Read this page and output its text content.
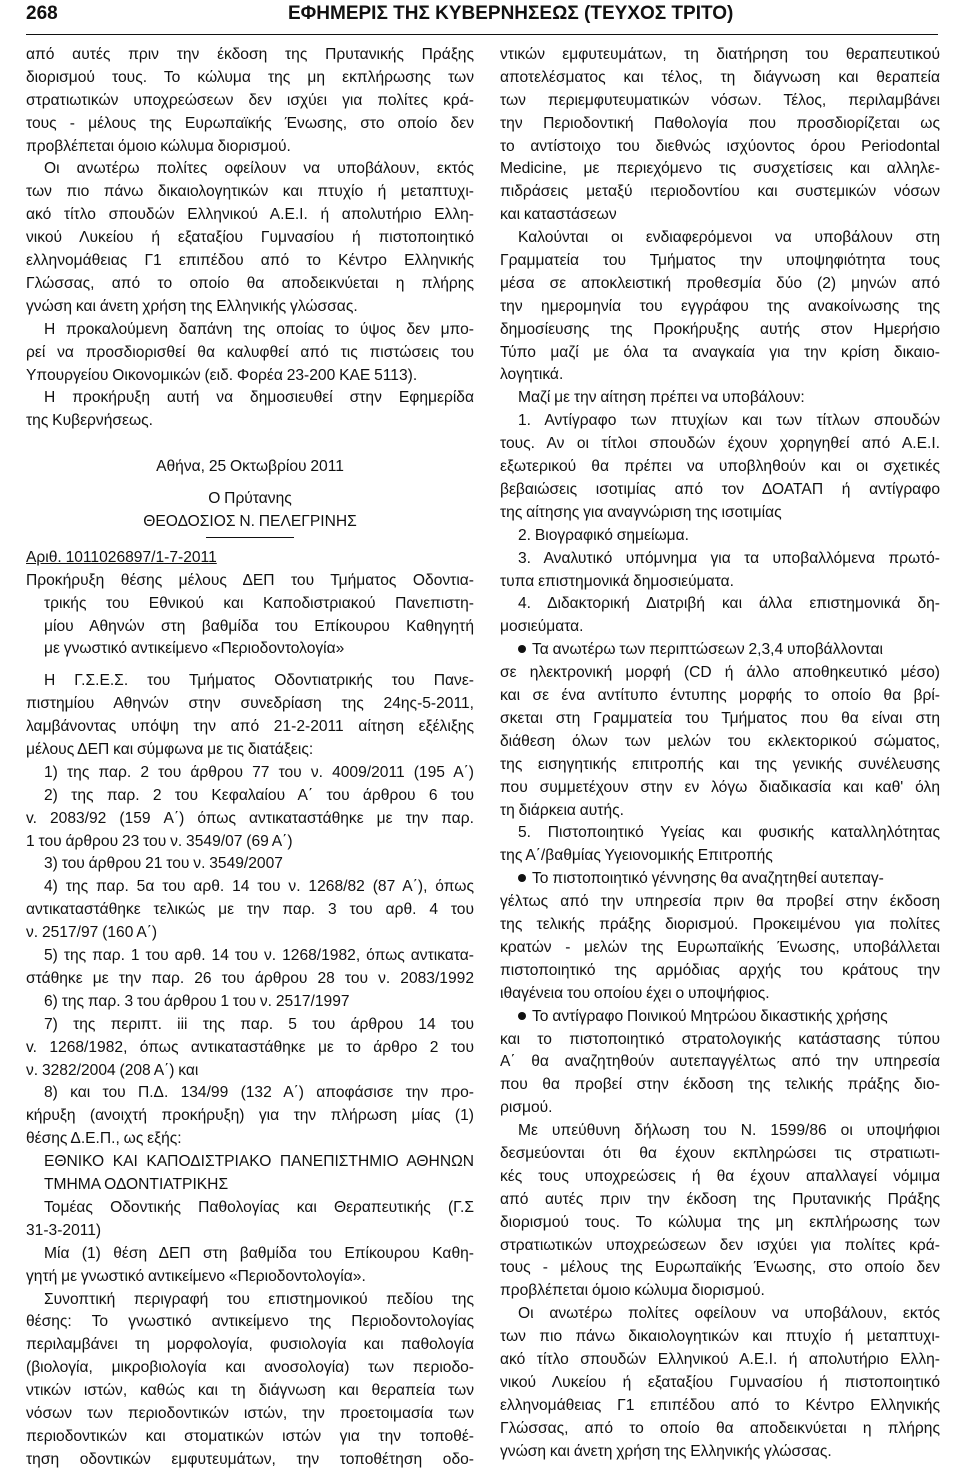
268	ΕΦΗΜΕΡΙΣ ΤΗΣ ΚΥΒΕΡΝΗΣΕΩΣ (ΤΕΥΧΟΣ ΤΡΙΤΟ)
από αυτές πριν την έκδοση της Πρυτανικής Πράξης
διορισμού τους. Το κώλυμα της μη εκπλήρωσης των
στρατιωτικών υποχρεώσεων δεν ισχύει για πολίτες κρά-
τους - μέλους της Ευρωπαϊκής Ένωσης, στο οποίο δεν
προβλέπεται όμοιο κώλυμα διορισμού.
Οι ανωτέρω πολίτες οφείλουν να υποβάλουν, εκτός
των πιο πάνω δικαιολογητικών και πτυχίο ή μεταπτυχι-
ακό τίτλο σπουδών Ελληνικού Α.Ε.Ι. ή απολυτήριο Ελλη-
νικού Λυκείου ή εξαταξίου Γυμνασίου ή πιστοποιητικό
ελληνομάθειας Γ1 επιπέδου από το Κέντρο Ελληνικής
Γλώσσας, από το οποίο θα αποδεικνύεται η πλήρης
γνώση και άνετη χρήση της Ελληνικής γλώσσας.
Η προκαλούμενη δαπάνη της οποίας το ύψος δεν μπο-
ρεί να προσδιορισθεί θα καλυφθεί από τις πιστώσεις του
Υπουργείου Οικονομικών (ειδ. Φορέα 23-200 ΚΑΕ 5113).
Η προκήρυξη αυτή να δημοσιευθεί στην Εφημερίδα
της Κυβερνήσεως.
Αθήνα, 25 Οκτωβρίου 2011
Ο Πρύτανης
ΘΕΟΔΟΣΙΟΣ Ν. ΠΕΛΕΓΡΙΝΗΣ
Αριθ. 1011026897/1-7-2011
Προκήρυξη θέσης μέλους ΔΕΠ του Τμήματος Οδοντια-
τρικής του Εθνικού και Καποδιστριακού Πανεπιστη-
μίου Αθηνών στη βαθμίδα του Επίκουρου Καθηγητή
με γνωστικό αντικείμενο «Περιοδοντολογία»
Η Γ.Σ.Ε.Σ. του Τμήματος Οδοντιατρικής του Πανε-
πιστημίου Αθηνών στην συνεδρίαση της 24ης-5-2011,
λαμβάνοντας υπόψη την από 21-2-2011 αίτηση εξέλιξης
μέλους ΔΕΠ και σύμφωνα με τις διατάξεις:
1) της παρ. 2 του άρθρου 77 του ν. 4009/2011 (195 Α΄)
2) της παρ. 2 του Κεφαλαίου Α΄ του άρθρου 6 του
v. 2083/92 (159 Α΄) όπως αντικαταστάθηκε με την παρ.
1 του άρθρου 23 του ν. 3549/07 (69 Α΄)
3) του άρθρου 21 του ν. 3549/2007
4) της παρ. 5α του αρθ. 14 του ν. 1268/82 (87 Α΄), όπως
αντικαταστάθηκε τελικώς με την παρ. 3 του αρθ. 4 του
ν. 2517/97 (160 Α΄)
5) της παρ. 1 του αρθ. 14 του ν. 1268/1982, όπως αντικατα-
στάθηκε με την παρ. 26 του άρθρου 28 του ν. 2083/1992
6) της παρ. 3 του άρθρου 1 του ν. 2517/1997
7) της περιπτ. iii της παρ. 5 του άρθρου 14 του
v. 1268/1982, όπως αντικαταστάθηκε με το άρθρο 2 του
ν. 3282/2004 (208 Α΄) και
8) και του Π.Δ. 134/99 (132 Α΄) αποφάσισε την προ-
κήρυξη (ανοιχτή προκήρυξη) για την πλήρωση μίας (1)
θέσης Δ.Ε.Π., ως εξής:
ΕΘΝΙΚΟ ΚΑΙ ΚΑΠΟΔΙΣΤΡΙΑΚΟ ΠΑΝΕΠΙΣΤΗΜΙΟ ΑΘΗΝΩΝ
ΤΜΗΜΑ ΟΔΟΝΤΙΑΤΡΙΚΗΣ
Τομέας Οδοντικής Παθολογίας και Θεραπευτικής (Γ.Σ
31-3-2011)
Μία (1) θέση ΔΕΠ στη βαθμίδα του Επίκουρου Καθη-
γητή με γνωστικό αντικείμενο «Περιοδοντολογία».
Συνοπτική περιγραφή του επιστημονικού πεδίου της
θέσης: Το γνωστικό αντικείμενο της Περιοδοντολογίας
περιλαμβάνει τη μορφολογία, φυσιολογία και παθολογία
(βιολογία, μικροβιολογία και ανοσολογία) των περιοδο-
ντικών ιστών, καθώς και τη διάγνωση και θεραπεία των
νόσων των περιοδοντικών ιστών, την προετοιμασία των
περιοδοντικών και στοματικών ιστών για την τοποθέ-
τηση οδοντικών εμφυτευμάτων, την τοποθέτηση οδο-
ντικών εμφυτευμάτων, τη διατήρηση του θεραπευτικού
αποτελέσματος και τέλος, τη διάγνωση και θεραπεία
των περιεμφυτευματικών νόσων. Τέλος, περιλαμβάνει
την Περιοδοντική Παθολογία που προσδιορίζεται ως
το αντίστοιχο του διεθνώς ισχύοντος όρου Periodontal
Medicine, με περιεχόμενο τις συσχετίσεις και αλληλε-
πιδράσεις μεταξύ ιτεριοδοντίου και συστεμικών νόσων
και καταστάσεων
Καλούνται οι ενδιαφερόμενοι να υποβάλουν στη
Γραμματεία του Τμήματος την υποψηφιότητα τους
μέσα σε αποκλειστική προθεσμία δύο (2) μηνών από
την ημερομηνία του εγγράφου της ανακοίνωσης της
δημοσίευσης της Προκήρυξης αυτής στον Ημερήσιο
Τύπο μαζί με όλα τα αναγκαία για την κρίση δικαιο-
λογητικά.
Μαζί με την αίτηση πρέπει να υποβάλουν:
1. Αντίγραφο των πτυχίων και των τίτλων σπουδών
τους. Αν οι τίτλοι σπουδών έχουν χορηγηθεί από Α.Ε.Ι.
εξωτερικού θα πρέπει να υποβληθούν και οι σχετικές
βεβαιώσεις ισοτιμίας από τον ΔΟΑΤΑΠ ή αντίγραφο
της αίτησης για αναγνώριση της ισοτιμίας
2. Βιογραφικό σημείωμα.
3. Αναλυτικό υπόμνημα για τα υποβαλλόμενα πρωτό-
τυπα επιστημονικά δημοσιεύματα.
4. Διδακτορική Διατριβή και άλλα επιστημονικά δη-
μοσιεύματα.
Τα ανωτέρω των περιπτώσεων 2,3,4 υποβάλλονται
σε ηλεκτρονική μορφή (CD ή άλλο αποθηκευτικό μέσο)
και σε ένα αντίτυπο έντυπης μορφής το οποίο θα βρί-
σκεται στη Γραμματεία του Τμήματος που θα είναι στη
διάθεση όλων των μελών του εκλεκτορικού σώματος,
της εισηγητικής επιτροπής και της γενικής συνέλευσης
που συμμετέχουν στην εν λόγω διαδικασία και καθ' όλη
τη διάρκεια αυτής.
5. Πιστοποιητικό Υγείας και φυσικής καταλληλότητας
της Α΄/βαθμίας Υγειονομικής Επιτροπής
Το πιστοποιητικό γέννησης θα αναζητηθεί αυτεπαγ-
γέλτως από την υπηρεσία πριν θα προβεί στην έκδοση
της τελικής πράξης διορισμού. Προκειμένου για πολίτες
κρατών - μελών της Ευρωπαϊκής Ένωσης, υποβάλλεται
πιστοποιητικό της αρμόδιας αρχής του κράτους την
ιθαγένεια του οποίου έχει ο υποψήφιος.
Το αντίγραφο Ποινικού Μητρώου δικαστικής χρήσης
και το πιστοποιητικό στρατολογικής κατάστασης τύπου
Α΄ θα αναζητηθούν αυτεπαγγέλτως από την υπηρεσία
που θα προβεί στην έκδοση της τελικής πράξης διο-
ρισμού.
Με υπεύθυνη δήλωση του Ν. 1599/86 οι υποψήφιοι
δεσμεύονται ότι θα έχουν εκπληρώσει τις στρατιωτι-
κές τους υποχρεώσεις ή θα έχουν απαλλαγεί νόμιμα
από αυτές πριν την έκδοση της Πρυτανικής Πράξης
διορισμού τους. Το κώλυμα της μη εκπλήρωσης των
στρατιωτικών υποχρεώσεων δεν ισχύει για πολίτες κρά-
τους - μέλους της Ευρωπαϊκής Ένωσης, στο οποίο δεν
προβλέπεται όμοιο κώλυμα διορισμού.
Οι ανωτέρω πολίτες οφείλουν να υποβάλουν, εκτός
των πιο πάνω δικαιολογητικών και πτυχίο ή μεταπτυχι-
ακό τίτλο σπουδών Ελληνικού Α.Ε.Ι. ή απολυτήριο Ελλη-
νικού Λυκείου ή εξαταξίου Γυμνασίου ή πιστοποιητικό
ελληνομάθειας Γ1 επιπέδου από το Κέντρο Ελληνικής
Γλώσσας, από το οποίο θα αποδεικνύεται η πλήρης
γνώση και άνετη χρήση της Ελληνικής γλώσσας.
